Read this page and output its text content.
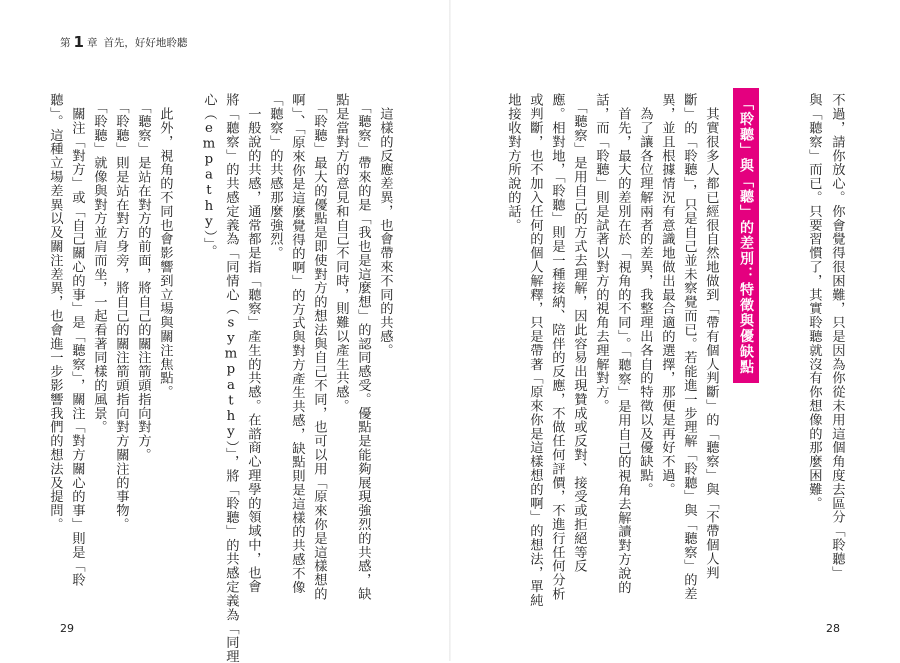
第 1 章 首先，好好地聆聽
不過，請你放心。你會覺得很困難，只是因為你從未用這個角度去區分「聆聽」
與「聽察」而已。只要習慣了，其實聆聽就沒有你想像的那麼困難。
「聆聽」與「聽」的差別：特徵與優缺點
　其實很多人都已經很自然地做到「帶有個人判斷」的「聽察」與「不帶個人判
斷」的「聆聽」，只是自己並未察覺而已。若能進一步理解「聆聽」與「聽察」的差
異，並且根據情況有意識地做出最合適的選擇，那便是再好不過。
　為了讓各位理解兩者的差異，我整理出各自的特徵以及優缺點。
　首先，最大的差別在於「視角的不同」。「聽察」是用自己的視角去解讀對方說的
話，而「聆聽」則是試著以對方的視角去理解對方。
　「聽察」是用自己的方式去理解，因此容易出現贊成或反對、接受或拒絕等反
應。相對地，「聆聽」則是一種接納、陪伴的反應，不做任何評價，不進行任何分析
或判斷，也不加入任何的個人解釋，只是帶著「原來你是這樣想的啊」的想法，單純
地接收對方所說的話。
　這樣的反應差異，也會帶來不同的共感。
　「聽察」帶來的是「我也是這麼想」的認同感受。優點是能夠展現強烈的共感，缺
點是當對方的意見和自己不同時，則難以產生共感。
　「聆聽」最大的優點是即使對方的想法與自己不同，也可以用「原來你是這樣想的
啊」、「原來你是這麼覺得的啊」的方式與對方產生共感，缺點則是這樣的共感不像
「聽察」的共感那麼強烈。
　一般說的共感，通常都是指「聽察」產生的共感。在諮商心理學的領域中，也會
將「聽察」的共感定義為「同情心（sympathy）」，將「聆聽」的共感定義為「同理
心（empathy）」。
　此外，視角的不同也會影響到立場與關注焦點。
　「聽察」是站在對方的前面，將自己的關注箭頭指向對方。
　「聆聽」則是站在對方身旁，將自己的關注箭頭指向對方關注的事物。
　「聆聽」就像與對方並肩而坐，一起看著同樣的風景。
　關注「對方」或「自己關心的事」是「聽察」，關注「對方關心的事」則是「聆
聽」。這種立場差異以及關注差異，也會進一步影響我們的想法及提問。
29	28
